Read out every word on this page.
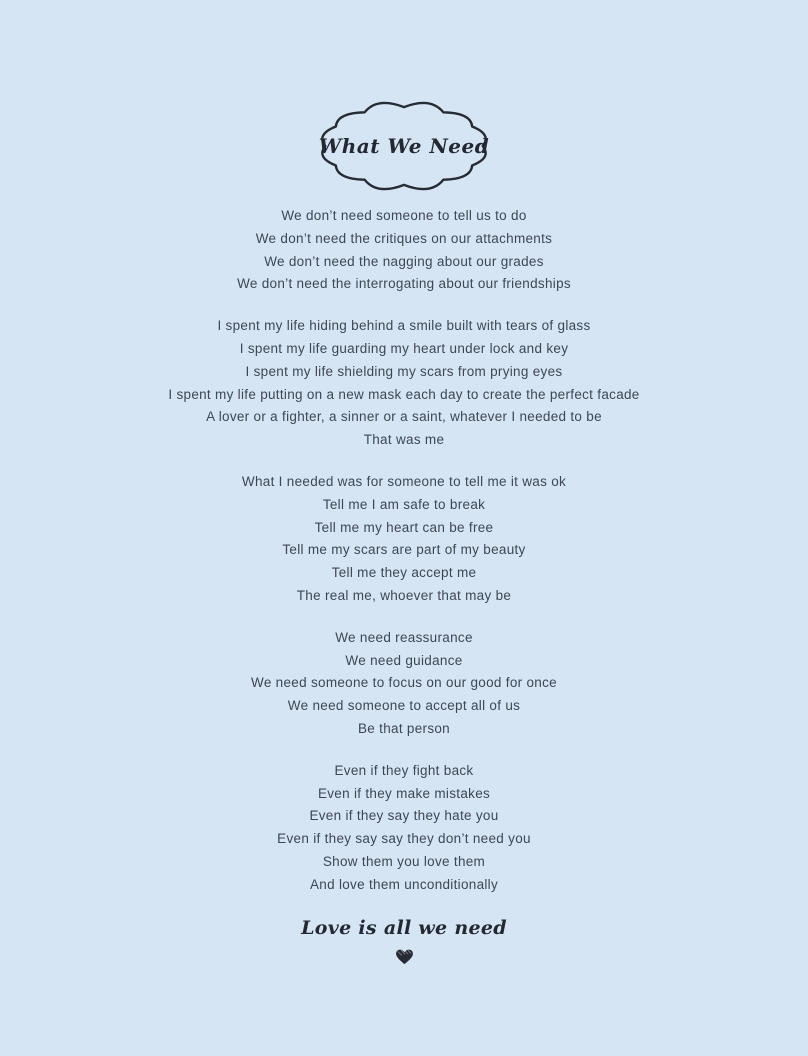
What We Need
We don’t need someone to tell us to do
We don’t need the critiques on our attachments
We don’t need the nagging about our grades
We don’t need the interrogating about our friendships
I spent my life hiding behind a smile built with tears of glass
I spent my life guarding my heart under lock and key
I spent my life shielding my scars from prying eyes
I spent my life putting on a new mask each day to create the perfect facade
A lover or a fighter, a sinner or a saint, whatever I needed to be
That was me
What I needed was for someone to tell me it was ok
Tell me I am safe to break
Tell me my heart can be free
Tell me my scars are part of my beauty
Tell me they accept me
The real me, whoever that may be
We need reassurance
We need guidance
We need someone to focus on our good for once
We need someone to accept all of us
Be that person
Even if they fight back
Even if they make mistakes
Even if they say they hate you
Even if they say say they don’t need you
Show them you love them
And love them unconditionally
Love is all we need
